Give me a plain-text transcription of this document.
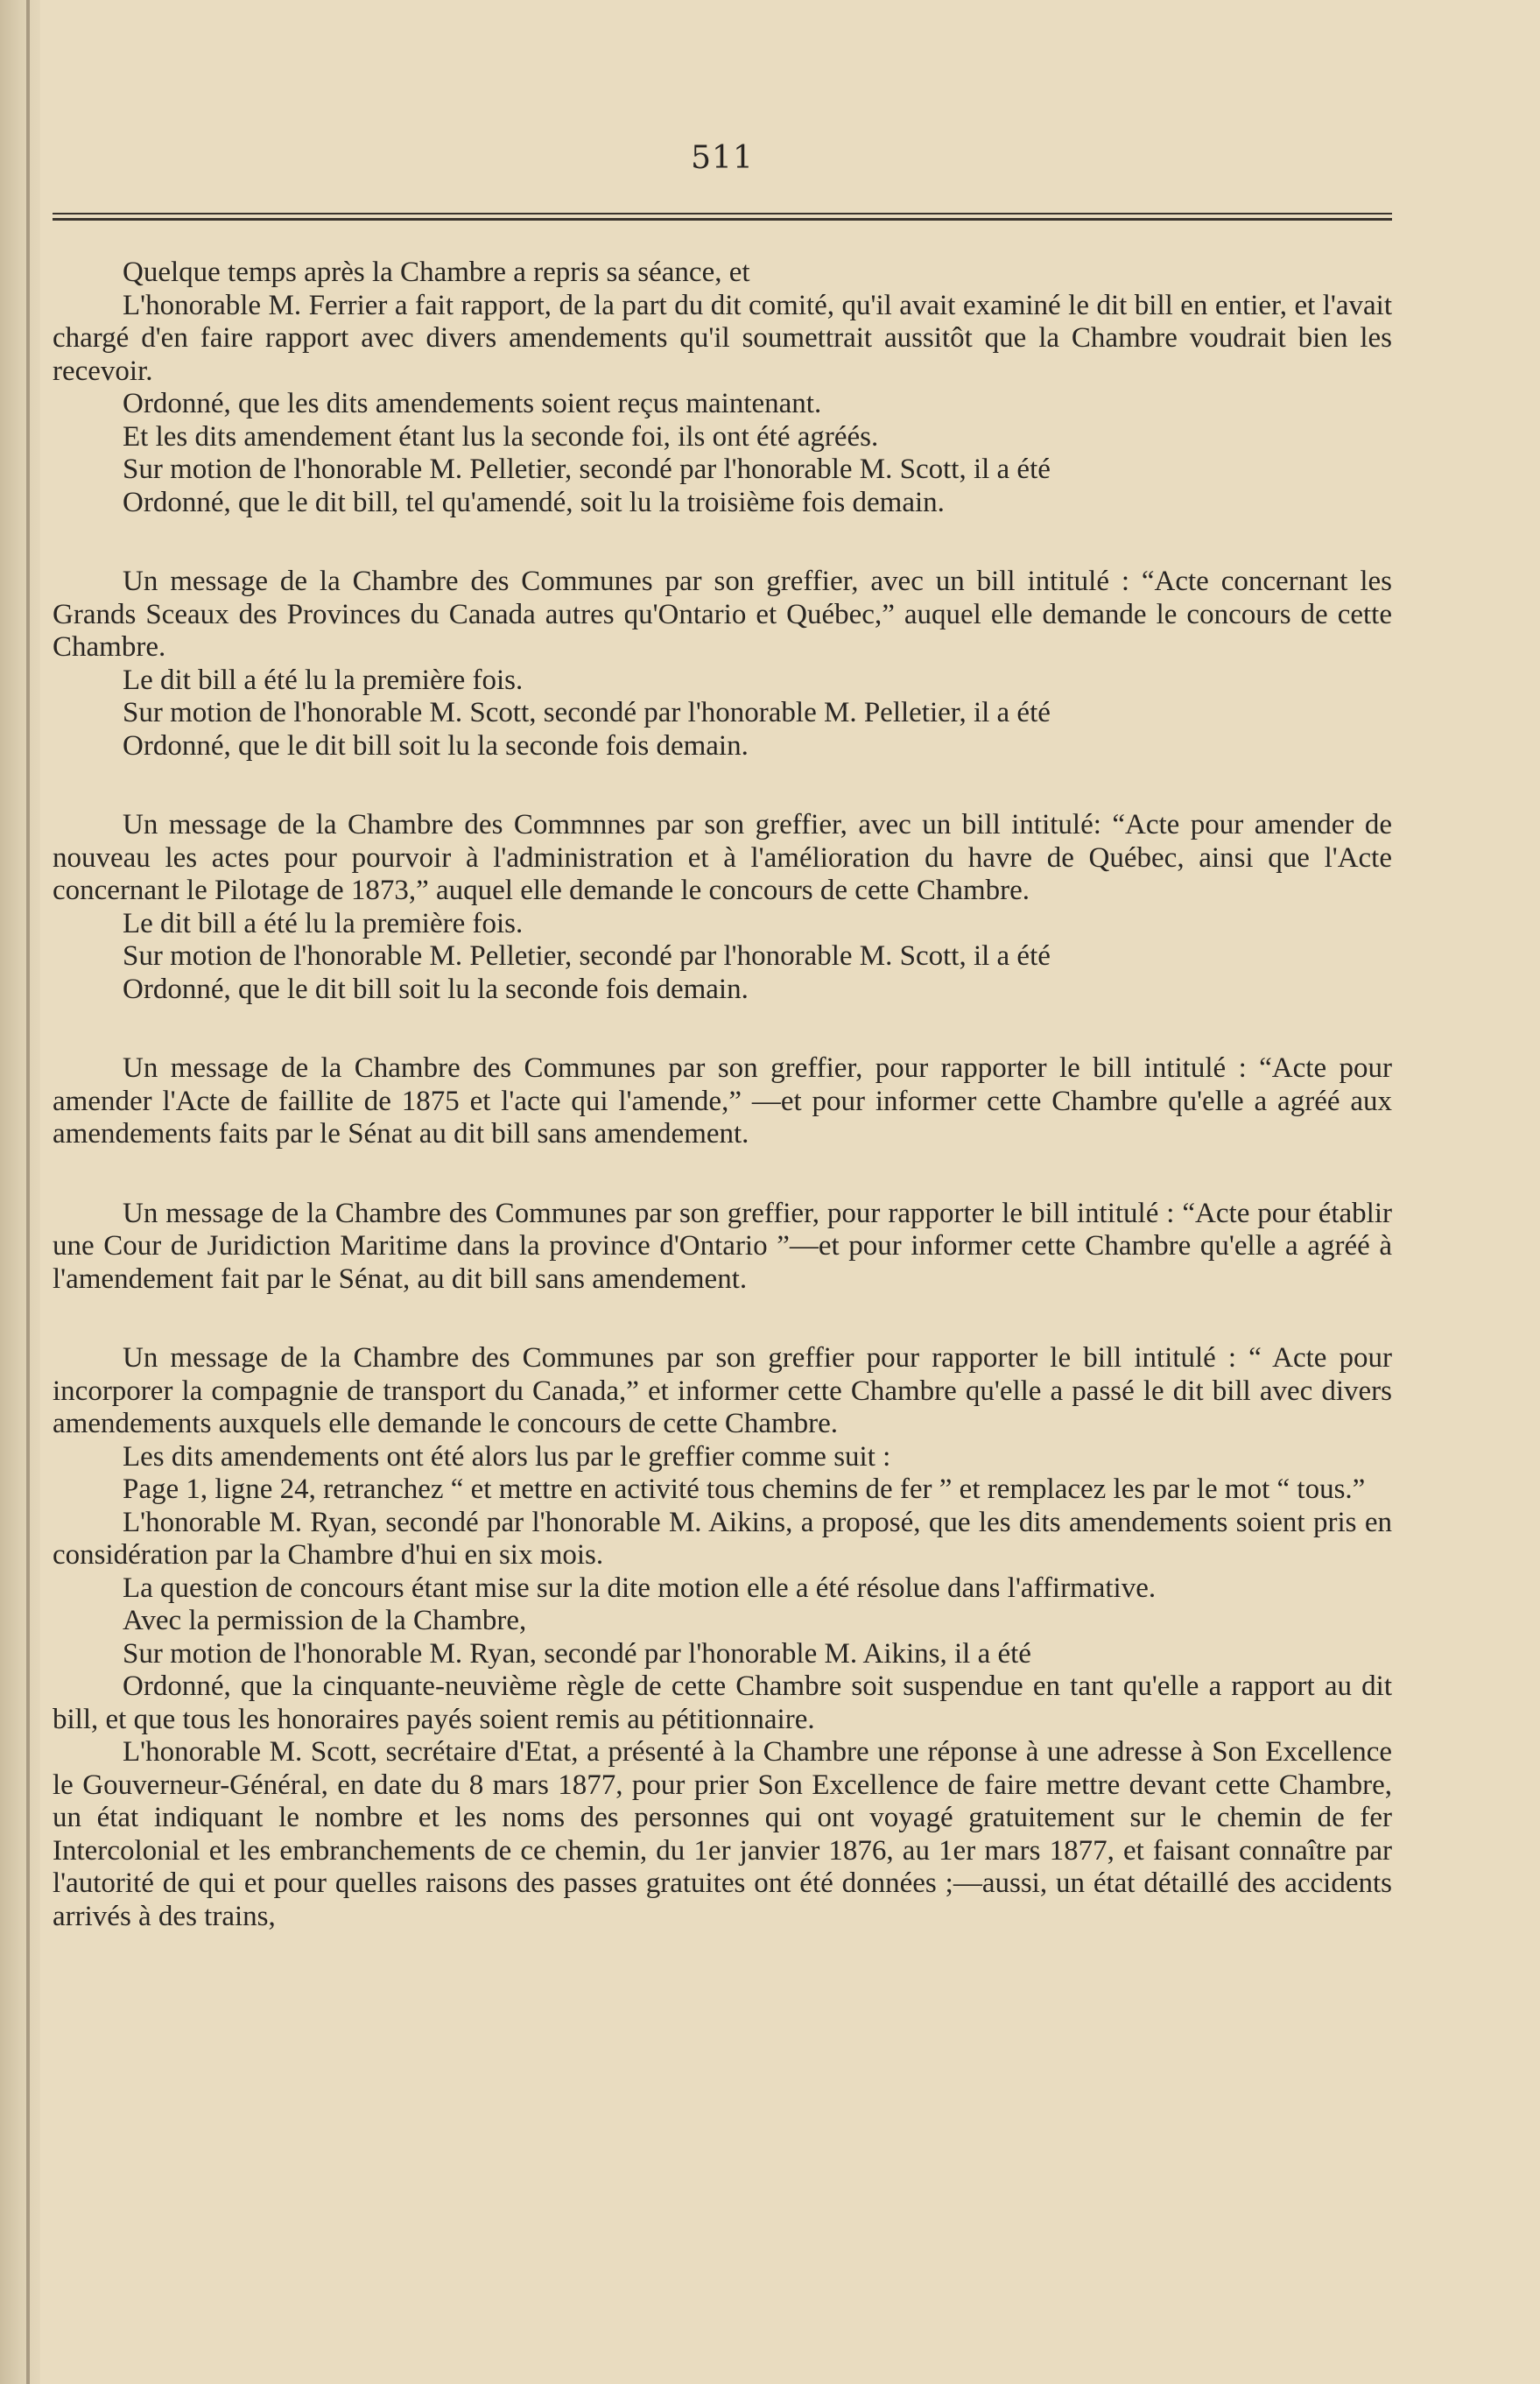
511

Quelque temps après la Chambre a repris sa séance, et

L'honorable M. Ferrier a fait rapport, de la part du dit comité, qu'il avait examiné le dit bill en entier, et l'avait chargé d'en faire rapport avec divers amendements qu'il soumettrait aussitôt que la Chambre voudrait bien les recevoir.

Ordonné, que les dits amendements soient reçus maintenant.

Et les dits amendement étant lus la seconde foi, ils ont été agréés.

Sur motion de l'honorable M. Pelletier, secondé par l'honorable M. Scott, il a été

Ordonné, que le dit bill, tel qu'amendé, soit lu la troisième fois demain.

Un message de la Chambre des Communes par son greffier, avec un bill intitulé : “Acte concernant les Grands Sceaux des Provinces du Canada autres qu'Ontario et Québec,” auquel elle demande le concours de cette Chambre.

Le dit bill a été lu la première fois.

Sur motion de l'honorable M. Scott, secondé par l'honorable M. Pelletier, il a été

Ordonné, que le dit bill soit lu la seconde fois demain.

Un message de la Chambre des Commnnes par son greffier, avec un bill intitulé: “Acte pour amender de nouveau les actes pour pourvoir à l'administration et à l'amélioration du havre de Québec, ainsi que l'Acte concernant le Pilotage de 1873,” auquel elle demande le concours de cette Chambre.

Le dit bill a été lu la première fois.

Sur motion de l'honorable M. Pelletier, secondé par l'honorable M. Scott, il a été

Ordonné, que le dit bill soit lu la seconde fois demain.

Un message de la Chambre des Communes par son greffier, pour rapporter le bill intitulé : “Acte pour amender l'Acte de faillite de 1875 et l'acte qui l'amende,” —et pour informer cette Chambre qu'elle a agréé aux amendements faits par le Sénat au dit bill sans amendement.

Un message de la Chambre des Communes par son greffier, pour rapporter le bill intitulé : “Acte pour établir une Cour de Juridiction Maritime dans la province d'Ontario ”—et pour informer cette Chambre qu'elle a agréé à l'amendement fait par le Sénat, au dit bill sans amendement.

Un message de la Chambre des Communes par son greffier pour rapporter le bill intitulé : “ Acte pour incorporer la compagnie de transport du Canada,” et informer cette Chambre qu'elle a passé le dit bill avec divers amendements auxquels elle demande le concours de cette Chambre.

Les dits amendements ont été alors lus par le greffier comme suit :

Page 1, ligne 24, retranchez “ et mettre en activité tous chemins de fer ” et remplacez les par le mot “ tous.”

L'honorable M. Ryan, secondé par l'honorable M. Aikins, a proposé, que les dits amendements soient pris en considération par la Chambre d'hui en six mois.

La question de concours étant mise sur la dite motion elle a été résolue dans l'affirmative.

Avec la permission de la Chambre,

Sur motion de l'honorable M. Ryan, secondé par l'honorable M. Aikins, il a été

Ordonné, que la cinquante-neuvième règle de cette Chambre soit suspendue en tant qu'elle a rapport au dit bill, et que tous les honoraires payés soient remis au pétitionnaire.

L'honorable M. Scott, secrétaire d'Etat, a présenté à la Chambre une réponse à une adresse à Son Excellence le Gouverneur-Général, en date du 8 mars 1877, pour prier Son Excellence de faire mettre devant cette Chambre, un état indiquant le nombre et les noms des personnes qui ont voyagé gratuitement sur le chemin de fer Intercolonial et les embranchements de ce chemin, du 1er janvier 1876, au 1er mars 1877, et faisant connaître par l'autorité de qui et pour quelles raisons des passes gratuites ont été données ;—aussi, un état détaillé des accidents arrivés à des trains,
